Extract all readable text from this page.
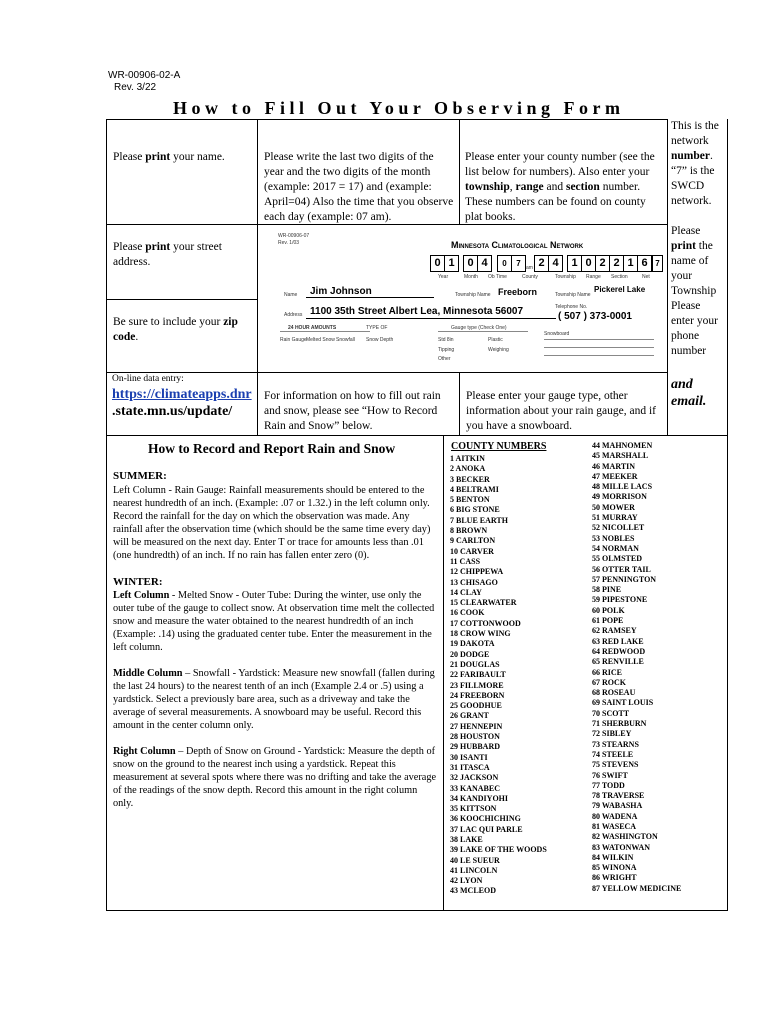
WR-00906-02-A
Rev. 3/22
How to Fill Out Your Observing Form
Please print your name.	Please write the last two digits of the year and the two digits of the month (example: 2017 = 17) and (example: April=04) Also the time that you observe each day (example: 07 am).
Please enter your county number (see the list below for numbers). Also enter your township, range and section number. These numbers can be found on county plat books.
This is the network number. “7” is the SWCD network.
Please print the name of your Township
Please enter your phone number
and email.
Please print your street address.
Be sure to include your zip code.
On-line data entry:
https://climateapps.dnr
.state.mn.us/update/
For information on how to fill out rain and snow, please see “How to Record Rain and Snow” below.
Please enter your gauge type, other information about your rain gauge, and if you have a snowboard.
WR-00906-07
Rev. 1/03	Minnesota Climatological Network
0 1	0 4	0	7	am 2 4	1 0 2 2 1 6 7
Year	Month Ob Time	County	Township Range Section	Net
Name Jim Johnson	Township Name Freeborn	Township Name
Pickerel Lake
Address 1100 35th Street Albert Lea, Minnesota 56007	Telephone No.
( 507 ) 373-0001
24 HOUR AMOUNTS	TYPE OF	Gauge type (Check One)
Snowboard
Rain Gauge Melted Snow Snowfall Snow Depth	Std 8in	Plastic
Tipping	Weighing
Other
How to Record and Report Rain and Snow
SUMMER:
Left Column - Rain Gauge: Rainfall measurements should be entered to the nearest hundredth of an inch. (Example: .07 or 1.32.) in the left column only. Record the rainfall for the day on which the observation was made. Any rainfall after the observation time (which should be the same time every day) will be measured on the next day. Enter T or trace for amounts less than .01 (one hundredth) of an inch. If no rain has fallen enter zero (0).
WINTER:
Left Column - Melted Snow - Outer Tube: During the winter, use only the outer tube of the gauge to collect snow. At observation time melt the collected snow and measure the water obtained to the nearest hundredth of an inch (Example: .14) using the graduated center tube. Enter the measurement in the left column.
Middle Column – Snowfall - Yardstick: Measure new snowfall (fallen during the last 24 hours) to the nearest tenth of an inch (Example 2.4 or .5) using a yardstick. Select a previously bare area, such as a driveway and take the average of several measurements. A snowboard may be useful. Record this amount in the center column only.
Right Column – Depth of Snow on Ground - Yardstick: Measure the depth of snow on the ground to the nearest inch using a yardstick. Repeat this measurement at several spots where there was no drifting and take the average of the readings of the snow depth. Record this amount in the right column only.
COUNTY NUMBERS
1 AITKIN
2 ANOKA
3 BECKER
4 BELTRAMI
5 BENTON
6 BIG STONE
7 BLUE EARTH
8 BROWN
9 CARLTON
10 CARVER
11 CASS
12 CHIPPEWA
13 CHISAGO
14 CLAY
15 CLEARWATER
16 COOK
17 COTTONWOOD
18 CROW WING
19 DAKOTA
20 DODGE
21 DOUGLAS
22 FARIBAULT
23 FILLMORE
24 FREEBORN
25 GOODHUE
26 GRANT
27 HENNEPIN
28 HOUSTON
29 HUBBARD
30 ISANTI
31 ITASCA
32 JACKSON
33 KANABEC
34 KANDIYOHI
35 KITTSON
36 KOOCHICHING
37 LAC QUI PARLE
38 LAKE
39 LAKE OF THE WOODS
40 LE SUEUR
41 LINCOLN
42 LYON
43 MCLEOD
44 MAHNOMEN
45 MARSHALL
46 MARTIN
47 MEEKER
48 MILLE LACS
49 MORRISON
50 MOWER
51 MURRAY
52 NICOLLET
53 NOBLES
54 NORMAN
55 OLMSTED
56 OTTER TAIL
57 PENNINGTON
58 PINE
59 PIPESTONE
60 POLK
61 POPE
62 RAMSEY
63 RED LAKE
64 REDWOOD
65 RENVILLE
66 RICE
67 ROCK
68 ROSEAU
69 SAINT LOUIS
70 SCOTT
71 SHERBURN
72 SIBLEY
73 STEARNS
74 STEELE
75 STEVENS
76 SWIFT
77 TODD
78 TRAVERSE
79 WABASHA
80 WADENA
81 WASECA
82 WASHINGTON
83 WATONWAN
84 WILKIN
85 WINONA
86 WRIGHT
87 YELLOW MEDICINE
